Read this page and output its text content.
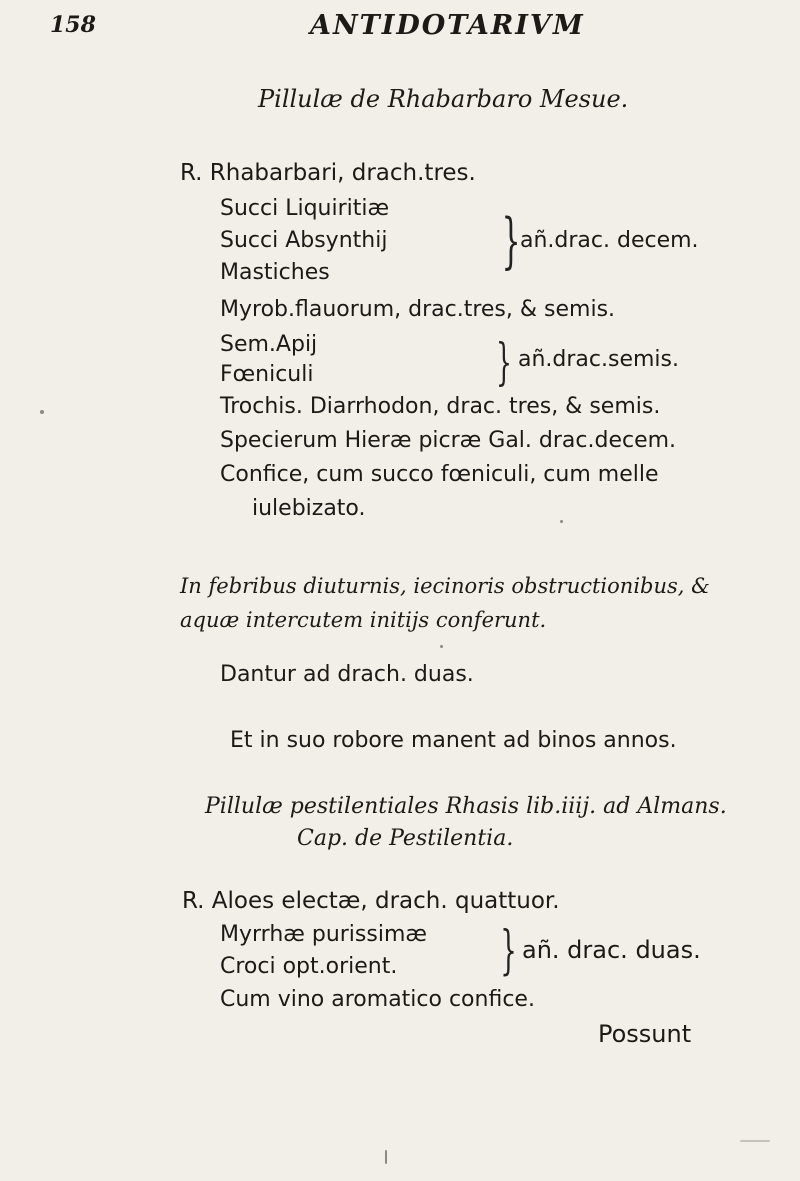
158	ANTIDOTARIVM
Pillulæ de Rhabarbaro Mesue.
R. Rhabarbari, drach.tres.
Succi Liquiritiæ
Succi Absynthij
Mastiches	} añ.drac. decem.
Myrob.flauorum, drac.tres, & semis.
Sem.Apij
Fœniculi	} añ.drac.semis.
Trochis. Diarrhodon, drac. tres, & semis.
Specierum Hieræ picræ Gal. drac.decem.
Confice, cum succo fœniculi, cum melle
iulebizato.
In febribus diuturnis, iecinoris obstructionibus, &
aquæ intercutem initijs conferunt.
Dantur ad drach. duas.
Et in suo robore manent ad binos annos.
Pillulæ pestilentiales Rhasis lib.iiij. ad Almans.
Cap. de Pestilentia.
R. Aloes electæ, drach. quattuor.
Myrrhæ purissimæ
Croci opt.orient. } añ. drac. duas.
Cum vino aromatico confice.
Possunt
